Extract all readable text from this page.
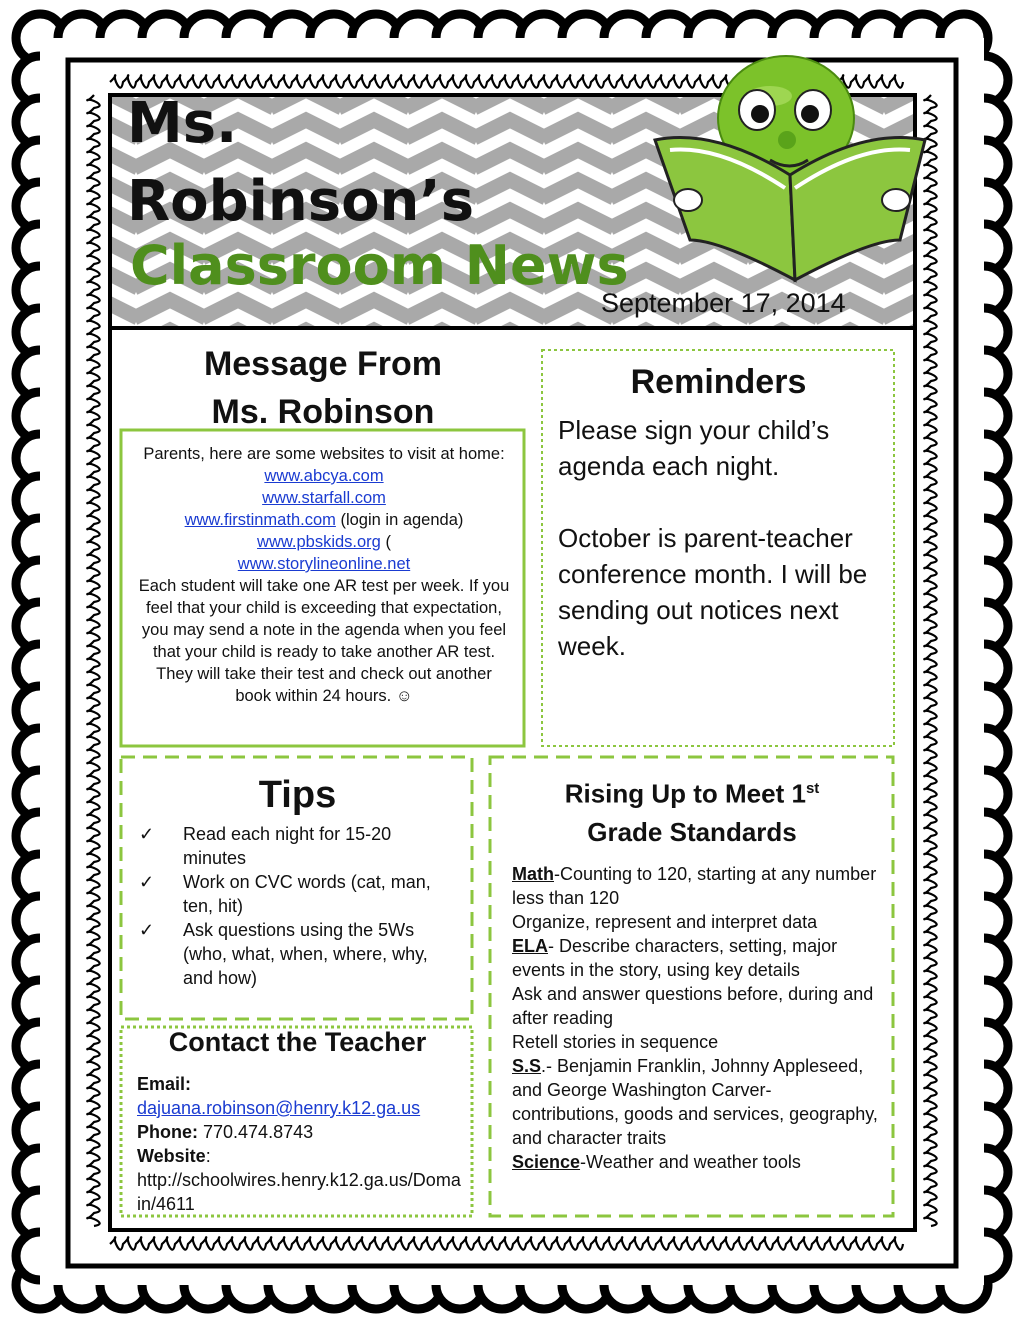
Ms.
Robinson’s
Classroom News
September 17, 2014
Message From
Ms. Robinson
Parents, here are some websites to visit at home:
www.abcya.com
www.starfall.com
www.firstinmath.com (login in agenda)
www.pbskids.org (
www.storylineonline.net
Each student will take one AR test per week. If you feel that your child is exceeding that expectation, you may send a note in the agenda when you feel that your child is ready to take another AR test. They will take their test and check out another book within 24 hours. ☺
Reminders

Please sign your child’s agenda each night.

October is parent-teacher conference month. I will be sending out notices next week.

Tips
✓	Read each night for 15-20 minutes
✓	Work on CVC words (cat, man, ten, hit)
✓	Ask questions using the 5Ws (who, what, when, where, why, and how)
Rising Up to Meet 1st
Grade Standards
Math-Counting to 120, starting at any number less than 120
Organize, represent and interpret data
ELA- Describe characters, setting, major events in the story, using key details
Ask and answer questions before, during and after reading
Retell stories in sequence
S.S.- Benjamin Franklin, Johnny Appleseed, and George Washington Carver- contributions, goods and services, geography, and character traits
Science-Weather and weather tools
Contact the Teacher
Email:
dajuana.robinson@henry.k12.ga.us
Phone: 770.474.8743
Website:
http://schoolwires.henry.k12.ga.us/Domain/4611
